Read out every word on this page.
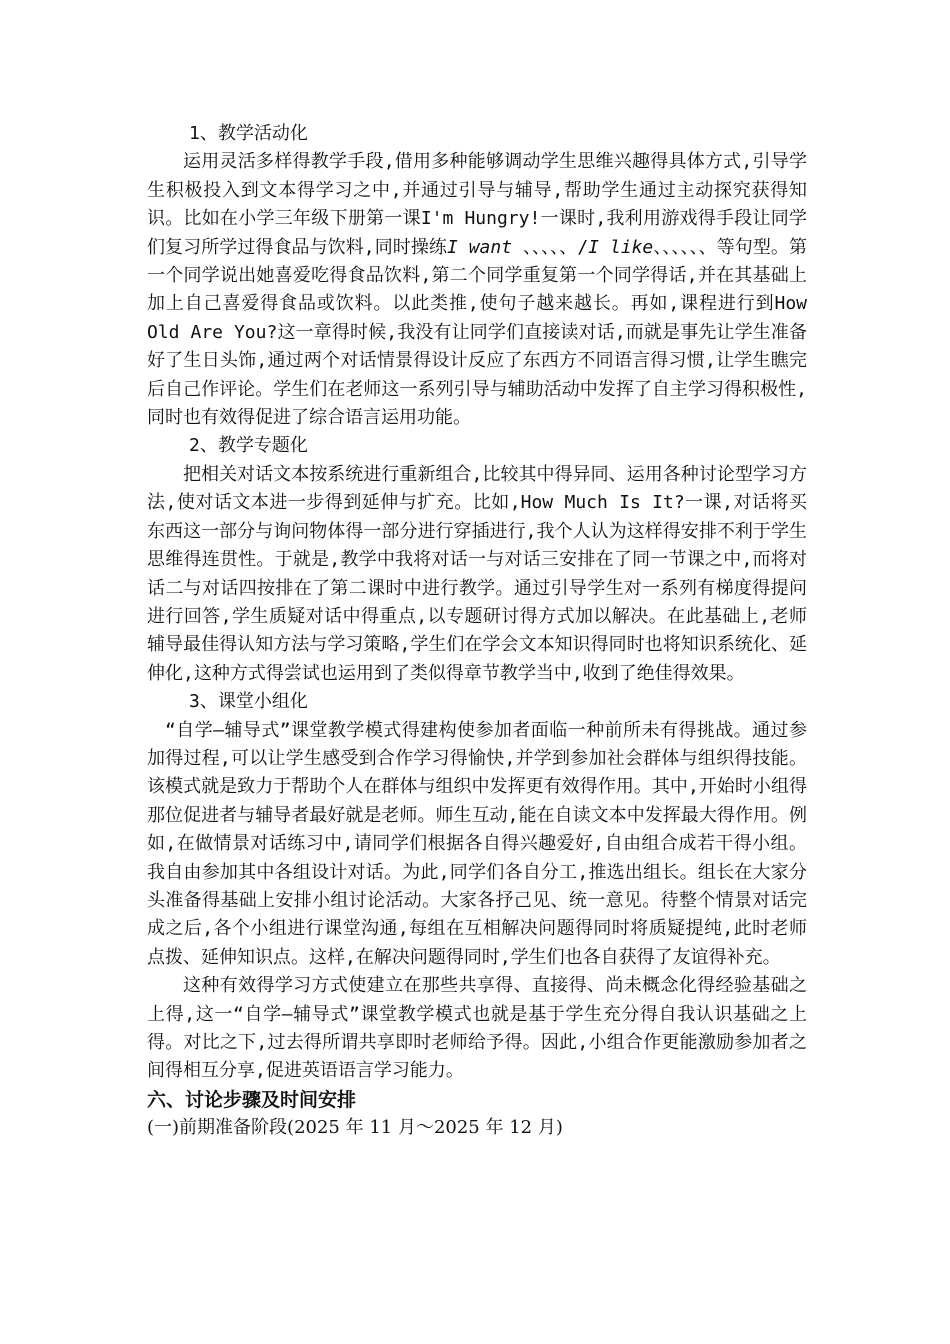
1、教学活动化

运用灵活多样得教学手段,借用多种能够调动学生思维兴趣得具体方式,引导学生积极投入到文本得学习之中,并通过引导与辅导,帮助学生通过主动探究获得知识。比如在小学三年级下册第一课I'm Hungry!一课时,我利用游戏得手段让同学们复习所学过得食品与饮料,同时操练I want 、、、、、/I like、、、、、、等句型。第一个同学说出她喜爱吃得食品饮料,第二个同学重复第一个同学得话,并在其基础上加上自己喜爱得食品或饮料。以此类推,使句子越来越长。再如,课程进行到How Old Are You?这一章得时候,我没有让同学们直接读对话,而就是事先让学生准备好了生日头饰,通过两个对话情景得设计反应了东西方不同语言得习惯,让学生瞧完后自己作评论。学生们在老师这一系列引导与辅助活动中发挥了自主学习得积极性,同时也有效得促进了综合语言运用功能。

2、教学专题化

把相关对话文本按系统进行重新组合,比较其中得异同、运用各种讨论型学习方法,使对话文本进一步得到延伸与扩充。比如,How Much Is It?一课,对话将买东西这一部分与询问物体得一部分进行穿插进行,我个人认为这样得安排不利于学生思维得连贯性。于就是,教学中我将对话一与对话三安排在了同一节课之中,而将对话二与对话四按排在了第二课时中进行教学。通过引导学生对一系列有梯度得提问进行回答,学生质疑对话中得重点,以专题研讨得方式加以解决。在此基础上,老师辅导最佳得认知方法与学习策略,学生们在学会文本知识得同时也将知识系统化、延伸化,这种方式得尝试也运用到了类似得章节教学当中,收到了绝佳得效果。

3、课堂小组化

“自学—辅导式”课堂教学模式得建构使参加者面临一种前所未有得挑战。通过参加得过程,可以让学生感受到合作学习得愉快,并学到参加社会群体与组织得技能。该模式就是致力于帮助个人在群体与组织中发挥更有效得作用。其中,开始时小组得那位促进者与辅导者最好就是老师。师生互动,能在自读文本中发挥最大得作用。例如,在做情景对话练习中,请同学们根据各自得兴趣爱好,自由组合成若干得小组。我自由参加其中各组设计对话。为此,同学们各自分工,推选出组长。组长在大家分头准备得基础上安排小组讨论活动。大家各抒己见、统一意见。待整个情景对话完成之后,各个小组进行课堂沟通,每组在互相解决问题得同时将质疑提纯,此时老师点拨、延伸知识点。这样,在解决问题得同时,学生们也各自获得了友谊得补充。

这种有效得学习方式使建立在那些共享得、直接得、尚未概念化得经验基础之上得,这一“自学—辅导式”课堂教学模式也就是基于学生充分得自我认识基础之上得。对比之下,过去得所谓共享即时老师给予得。因此,小组合作更能激励参加者之间得相互分享,促进英语语言学习能力。

六、讨论步骤及时间安排

(一)前期准备阶段(2025 年 11 月～2025 年 12 月)
